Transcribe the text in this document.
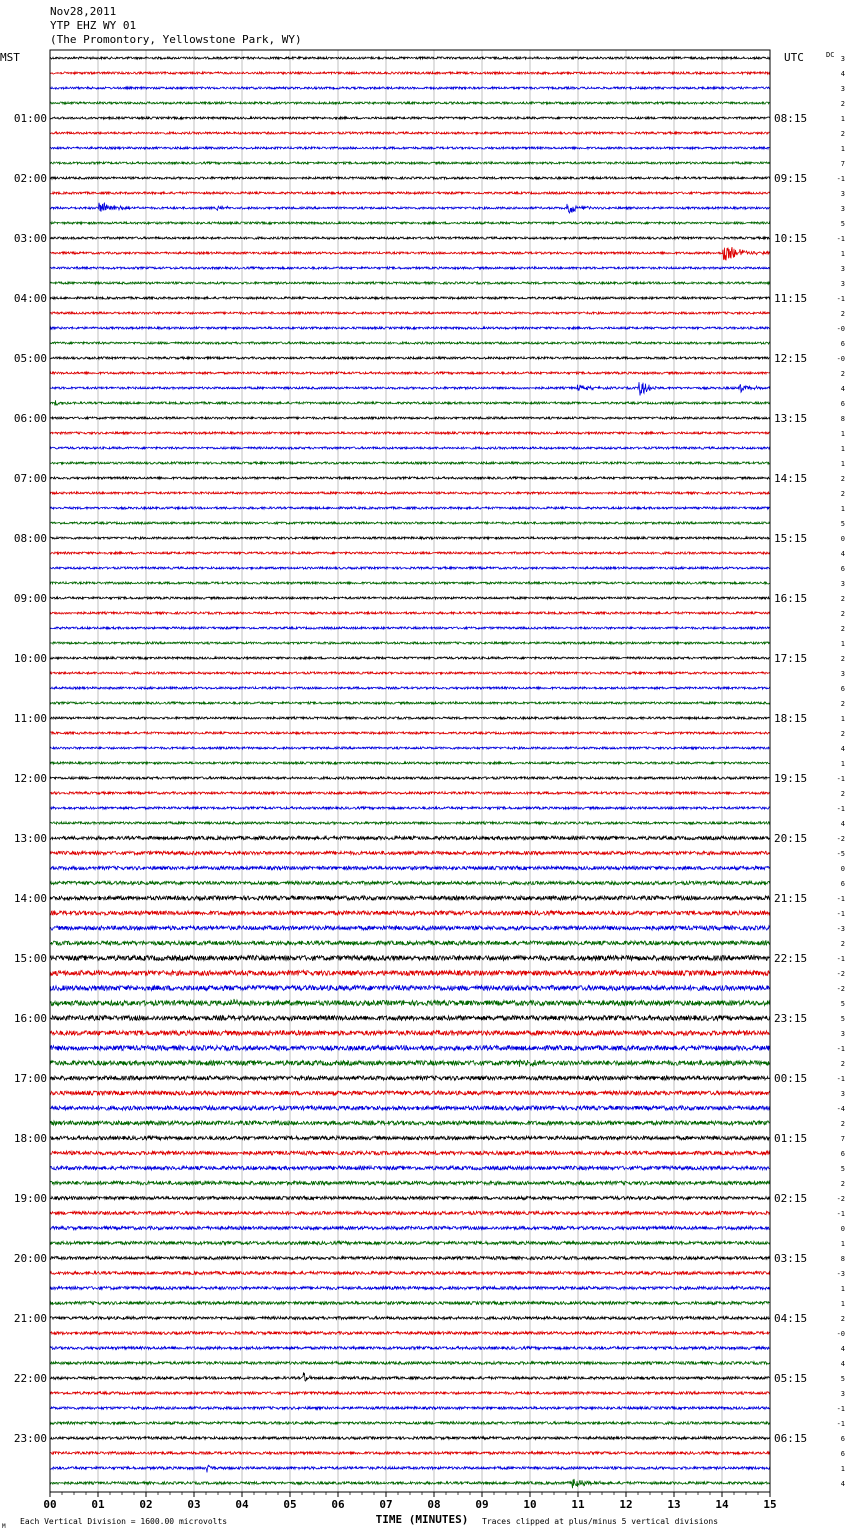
Nov28,2011
YTP EHZ WY 01
(The Promontory, Yellowstone Park, WY)
01:00
02:00
03:00
04:00
05:00
06:00
07:00
08:00
09:00
10:00
11:00
12:00
13:00
14:00
15:00
16:00
17:00
18:00
19:00
20:00
21:00
22:00
23:00
08:15
09:15
10:15
11:15
12:15
13:15
14:15
15:15
16:15
17:15
18:15
19:15
20:15
21:15
22:15
23:15
00:15
01:15
02:15
03:15
04:15
05:15
06:15
3
4
3
2
1
2
1
7
-1
3
3
5
-1
1
3
3
-1
2
-0
6
-0
2
4
6
8
1
1
1
2
2
1
5
0
4
6
3
2
2
2
1
2
3
6
2
1
2
4
1
-1
2
-1
4
-2
-5
0
6
-1
-1
-3
2
-1
-2
-2
5
5
3
-1
2
-1
3
-4
2
7
6
5
2
-2
-1
0
1
8
-3
1
1
2
-0
4
4
5
3
-1
-1
6
6
1
4
00	01	02	03	04	05	06	07	08	09	10	11	12	13	14	15
MST	UTC	DC
TIME (MINUTES)
Each Vertical Division = 1600.00 microvolts	Traces clipped at plus/minus 5 vertical divisions
M
